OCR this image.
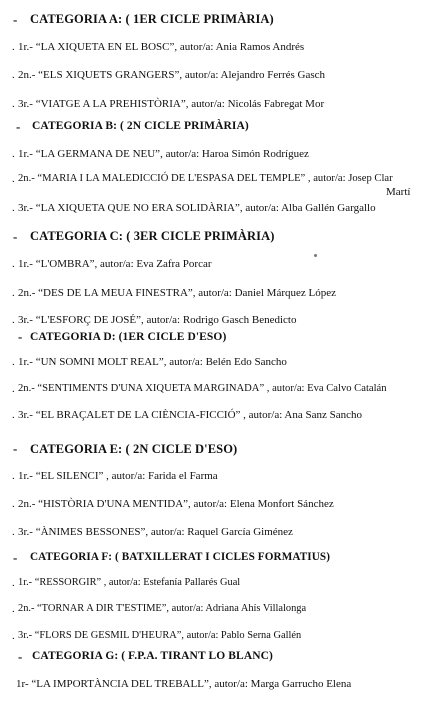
- CATEGORIA A: ( 1ER CICLE PRIMÀRIA)
. 1r.- “LA XIQUETA EN EL BOSC”, autor/a: Ania Ramos Andrés
. 2n.- “ELS XIQUETS GRANGERS”, autor/a: Alejandro Ferrés Gasch
. 3r.- “VIATGE A LA PREHISTÒRIA”, autor/a: Nicolás Fabregat Mor
- CATEGORIA B: ( 2N CICLE PRIMÀRIA)
. 1r.- “LA GERMANA DE NEU”, autor/a: Haroa Simón Rodríguez
. 2n.- “MARIA I LA MALEDICCIÓ DE L'ESPASA DEL TEMPLE” , autor/a: Josep Clar
Martí
. 3r.- “LA XIQUETA QUE NO ERA SOLIDÀRIA”, autor/a: Alba Gallén Gargallo
- CATEGORIA C: ( 3ER CICLE PRIMÀRIA)
. 1r.- “L'OMBRA”, autor/a: Eva Zafra Porcar
. 2n.- “DES DE LA MEUA FINESTRA”, autor/a: Daniel Márquez López
. 3r.- “L'ESFORÇ DE JOSÉ”, autor/a: Rodrigo Gasch Benedicto
- CATEGORIA D: (1ER CICLE D'ESO)
. 1r.- “UN SOMNI MOLT REAL”, autor/a: Belén Edo Sancho
. 2n.- “SENTIMENTS D'UNA XIQUETA MARGINADA” , autor/a: Eva Calvo Catalán
. 3r.- “EL BRAÇALET DE LA CIÈNCIA-FICCIÓ” , autor/a: Ana Sanz Sancho
- CATEGORIA E: ( 2N CICLE D'ESO)
. 1r.- “EL SILENCI” , autor/a: Farida el Farma
. 2n.- “HISTÒRIA D'UNA MENTIDA”, autor/a: Elena Monfort Sánchez
. 3r.- “ÀNIMES BESSONES”, autor/a: Raquel García Giménez
- CATEGORIA F: ( BATXILLERAT I CICLES FORMATIUS)
. 1r.- “RESSORGIR” , autor/a: Estefanía Pallarés Gual
. 2n.- “TORNAR A DIR T'ESTIME”, autor/a: Adriana Ahís Villalonga
. 3r.- “FLORS DE GESMIL D'HEURA”, autor/a: Pablo Serna Gallén
- CATEGORIA G: ( F.P.A. TIRANT LO BLANC)
1r- “LA IMPORTÀNCIA DEL TREBALL”, autor/a: Marga Garrucho Elena
